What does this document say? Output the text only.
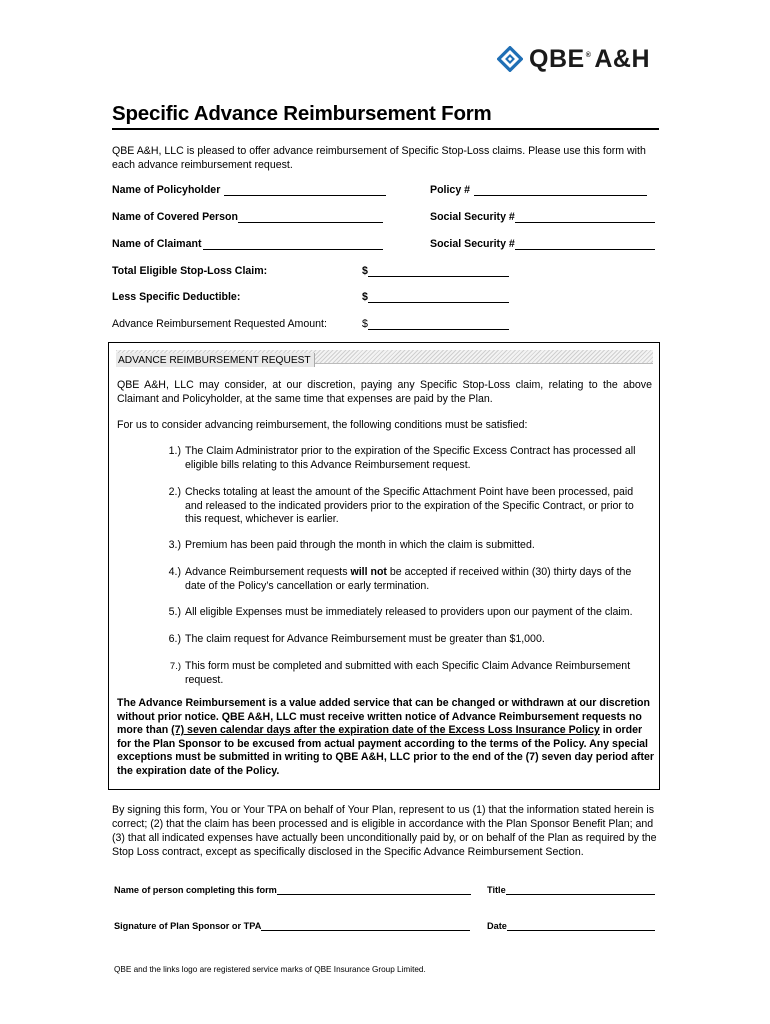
QBE® A&H
Specific Advance Reimbursement Form
QBE A&H, LLC is pleased to offer advance reimbursement of Specific Stop-Loss claims. Please use this form with each advance reimbursement request.
Name of Policyholder	Policy #
Name of Covered Person	Social Security #
Name of Claimant	Social Security #
Total Eligible Stop-Loss Claim:	$
Less Specific Deductible:	$
Advance Reimbursement Requested Amount:	$
ADVANCE REIMBURSEMENT REQUEST
QBE A&H, LLC may consider, at our discretion, paying any Specific Stop-Loss claim, relating to the above Claimant and Policyholder, at the same time that expenses are paid by the Plan.
For us to consider advancing reimbursement, the following conditions must be satisfied:
1.) The Claim Administrator prior to the expiration of the Specific Excess Contract has processed all eligible bills relating to this Advance Reimbursement request.
2.) Checks totaling at least the amount of the Specific Attachment Point have been processed, paid and released to the indicated providers prior to the expiration of the Specific Contract, or prior to this request, whichever is earlier.
3.) Premium has been paid through the month in which the claim is submitted.
4.) Advance Reimbursement requests will not be accepted if received within (30) thirty days of the date of the Policy’s cancellation or early termination.
5.) All eligible Expenses must be immediately released to providers upon our payment of the claim.
6.) The claim request for Advance Reimbursement must be greater than $1,000.
7.) This form must be completed and submitted with each Specific Claim Advance Reimbursement request.
The Advance Reimbursement is a value added service that can be changed or withdrawn at our discretion without prior notice. QBE A&H, LLC must receive written notice of Advance Reimbursement requests no more than (7) seven calendar days after the expiration date of the Excess Loss Insurance Policy in order for the Plan Sponsor to be excused from actual payment according to the terms of the Policy. Any special exceptions must be submitted in writing to QBE A&H, LLC prior to the end of the (7) seven day period after the expiration date of the Policy.
By signing this form, You or Your TPA on behalf of Your Plan, represent to us (1) that the information stated herein is correct; (2) that the claim has been processed and is eligible in accordance with the Plan Sponsor Benefit Plan; and (3) that all indicated expenses have actually been unconditionally paid by, or on behalf of the Plan as required by the Stop Loss contract, except as specifically disclosed in the Specific Advance Reimbursement Section.
Name of person completing this form	Title
Signature of Plan Sponsor or TPA	Date
QBE and the links logo are registered service marks of QBE Insurance Group Limited.
